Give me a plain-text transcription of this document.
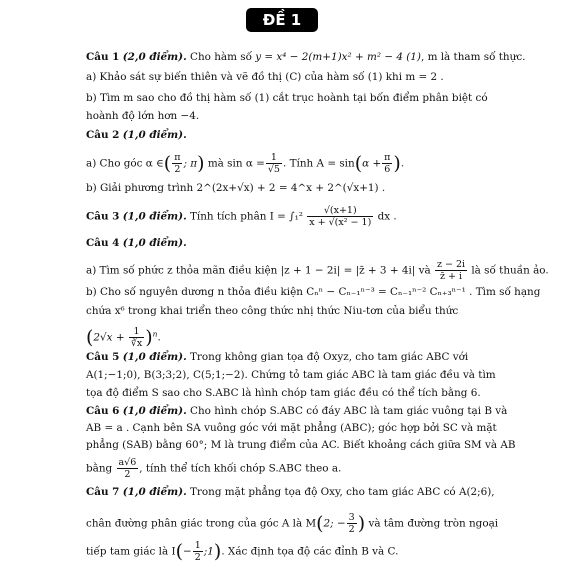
ĐỀ 1
Câu 1 (2,0 điểm). Cho hàm số y = x⁴ − 2(m+1)x² + m² − 4 (1), m là tham số thực.
a) Khảo sát sự biến thiên và vẽ đồ thị (C) của hàm số (1) khi m = 2 .
b) Tìm m sao cho đồ thị hàm số (1) cắt trục hoành tại bốn điểm phân biệt có
hoành độ lớn hơn −4.
Câu 2 (1,0 điểm).
a) Cho góc α ∈( $\frac{\pi}{2}$ ; π) mà $\sin \alpha = \frac{1}{√5}$ . Tính $A = \sin(\alpha + \frac{\pi}{6}$ ).
b) Giải phương trình 2^(2x+√x) + 2 = 4^x + 2^(√x+1) .
Câu 3 (1,0 điểm). Tính tích phân $I = \int_1^2 \frac{√(x+1)}{\text{x + √(x² − 1)}}$ dx .
Câu 4 (1,0 điểm).
a) Tìm số phức z thỏa mãn điều kiện |z + 1 − 2i| = |z̄ + 3 + 4i| và $\frac{z - 2i}{z̄ + i}$ là số thuần ảo.
b) Cho số nguyên dương n thỏa điều kiện Cₙⁿ − Cₙ₋₁ⁿ⁻³ = Cₙ₋₁ⁿ⁻² Cₙ₊₃ⁿ⁻¹ . Tìm số hạng
chứa x⁶ trong khai triển theo công thức nhị thức Niu-tơn của biểu thức
$(2√x + \frac{1}{∛x} )^n$.
Câu 5 (1,0 điểm). Trong không gian tọa độ Oxyz, cho tam giác ABC với
A(1;−1;0), B(3;3;2), C(5;1;−2). Chứng tỏ tam giác ABC là tam giác đều và tìm
tọa độ điểm S sao cho S.ABC là hình chóp tam giác đều có thể tích bằng 6.
Câu 6 (1,0 điểm). Cho hình chóp S.ABC có đáy ABC là tam giác vuông tại B và
AB = a . Cạnh bên SA vuông góc với mặt phẳng (ABC); góc hợp bởi SC và mặt
phẳng (SAB) bằng 60°; M là trung điểm của AC. Biết khoảng cách giữa SM và AB
bằng $\frac{a√6}{2}$ , tính thể tích khối chóp S.ABC theo a.
Câu 7 (1,0 điểm). Trong mặt phẳng tọa độ Oxy, cho tam giác ABC có A(2;6),
chân đường phân giác trong của góc A là M(2; − $\frac{3}{2}$ ) và tâm đường tròn ngoại
tiếp tam giác là $I(- \frac{1}{2}$ ;1). Xác định tọa độ các đỉnh B và C.
